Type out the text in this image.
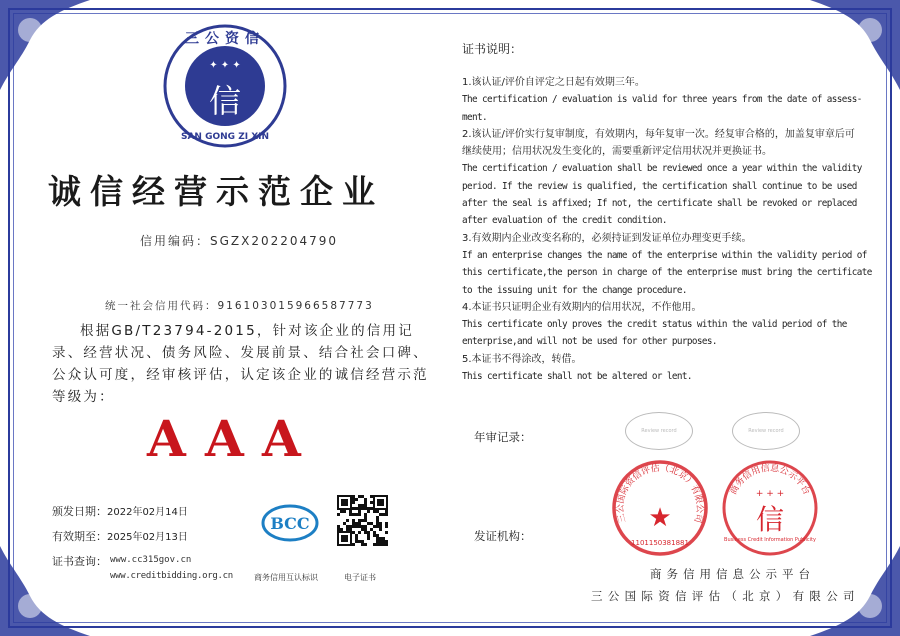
三公资信
SAN GONG ZI XIN
✦ ✦ ✦
信
诚信经营示范企业
信用编码：SGZX202204790
统一社会信用代码：916103015966587773
根据GB/T23794-2015，针对该企业的信用记录、经营状况、债务风险、发展前景、结合社会口碑、公众认可度，经审核评估，认定该企业的诚信经营示范等级为：
A A A
颁发日期：2022年02月14日
有效期至：2025年02月13日
证书查询： www.cc315gov.cn
www.creditbidding.org.cn
BCC
商务信用互认标识	电子证书
证书说明：
1.该认证/评价自评定之日起有效期三年。
The certification / evaluation is valid for three years from the date of assess-
ment.
2.该认证/评价实行复审制度，有效期内，每年复审一次。经复审合格的，加盖复审章后可
继续使用；信用状况发生变化的，需要重新评定信用状况并更换证书。
The certification / evaluation shall be reviewed once a year within the validity
period. If the review is qualified, the certification shall continue to be used
after the seal is affixed; If not, the certificate shall be revoked or replaced
after evaluation of the credit condition.
3.有效期内企业改变名称的，必须持证到发证单位办理变更手续。
If an enterprise changes the name of the enterprise within the validity period of
this certificate,the person in charge of the enterprise must bring the certificate
to the issuing unit for the change procedure.
4.本证书只证明企业有效期内的信用状况，不作他用。
This certificate only proves the credit status within the valid period of the
enterprise,and will not be used for other purposes.
5.本证书不得涂改，转借。
This certificate shall not be altered or lent.
年审记录：	Review record	Review record
发证机构：
三公国际资信评估（北京）有限公司
★
1101150381881
商务信用信息公示平台
+ + +
信
Business Credit Information Publicity
商务信用信息公示平台
三公国际资信评估（北京）有限公司
